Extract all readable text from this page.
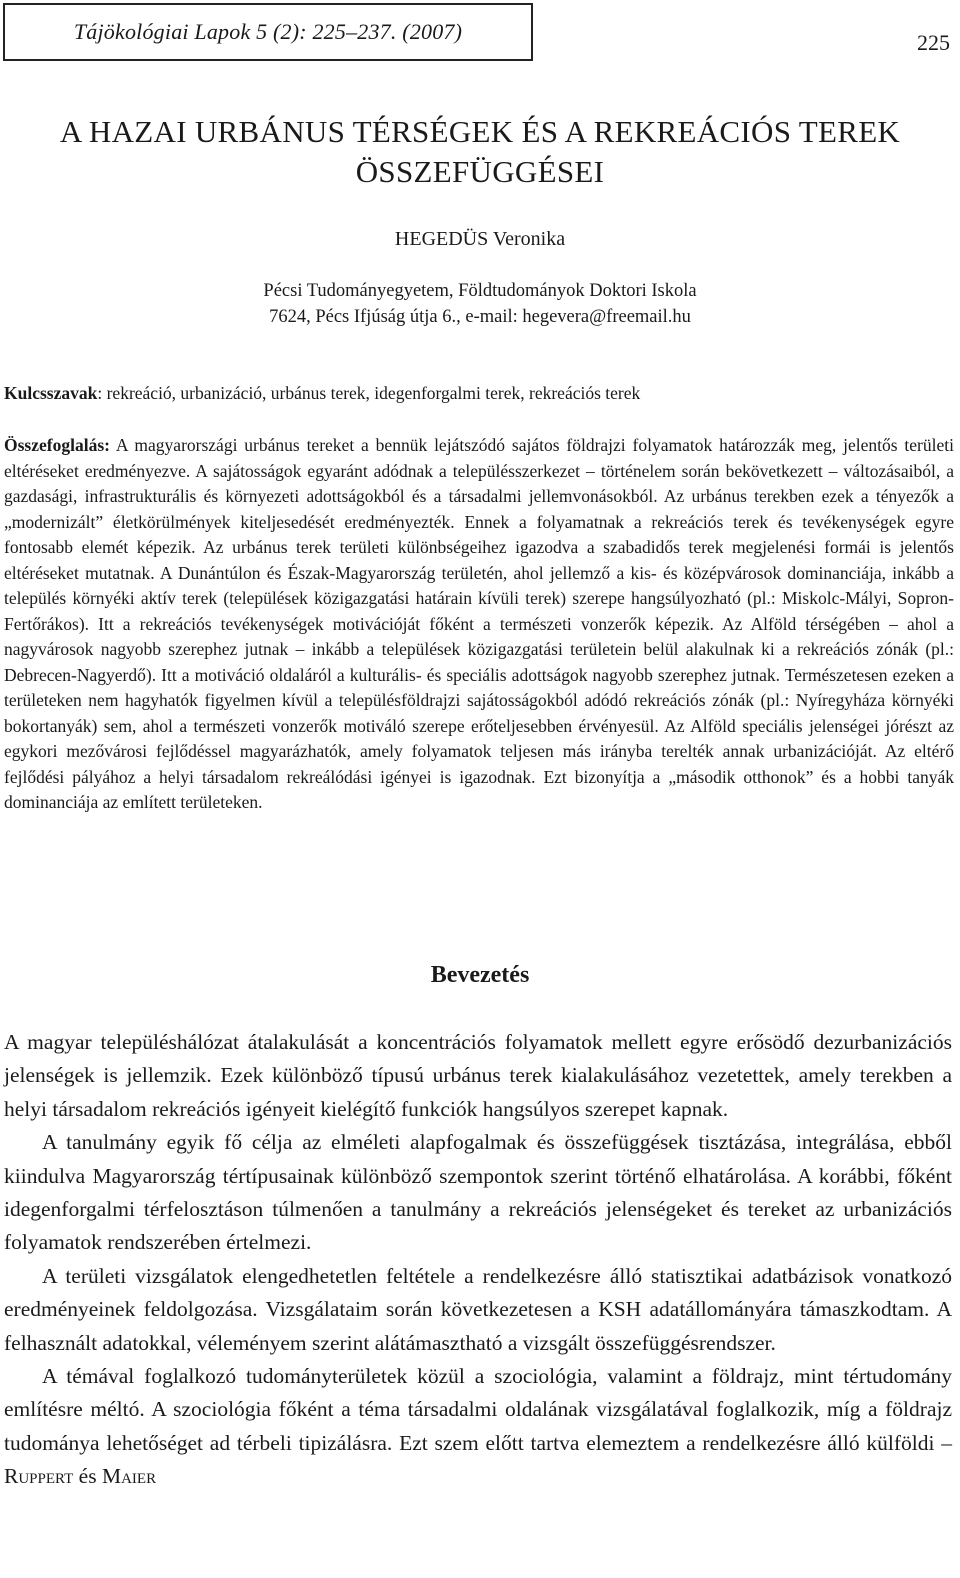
Tájökológiai Lapok 5 (2): 225–237. (2007)	225
A HAZAI URBÁNUS TÉRSÉGEK ÉS A REKREÁCIÓS TEREK
ÖSSZEFÜGGÉSEI
HEGEDÜS Veronika
Pécsi Tudományegyetem, Földtudományok Doktori Iskola
7624, Pécs Ifjúság útja 6., e-mail: hegevera@freemail.hu
Kulcsszavak: rekreáció, urbanizáció, urbánus terek, idegenforgalmi terek, rekreációs terek
Összefoglalás: A magyarországi urbánus tereket a bennük lejátszódó sajátos földrajzi folyamatok határozzák meg, jelentős területi eltéréseket eredményezve. A sajátosságok egyaránt adódnak a településszerkezet – történelem során bekövetkezett – változásaiból, a gazdasági, infrastrukturális és környezeti adottságokból és a társadalmi jellemvonásokból. Az urbánus terekben ezek a tényezők a „modernizált” életkörülmények kiteljesedését eredményezték. Ennek a folyamatnak a rekreációs terek és tevékenységek egyre fontosabb elemét képezik. Az urbánus terek területi különbségeihez igazodva a szabadidős terek megjelenési formái is jelentős eltéréseket mutatnak. A Dunántúlon és Észak-Magyarország területén, ahol jellemző a kis- és középvárosok dominanciája, inkább a település környéki aktív terek (települések közigazgatási határain kívüli terek) szerepe hangsúlyozható (pl.: Miskolc-Mályi, Sopron-Fertőrákos). Itt a rekreációs tevékenységek motivációját főként a természeti vonzerők képezik. Az Alföld térségében – ahol a nagyvárosok nagyobb szerephez jutnak – inkább a települések közigazgatási területein belül alakulnak ki a rekreációs zónák (pl.: Debrecen-Nagyerdő). Itt a motiváció oldaláról a kulturális- és speciális adottságok nagyobb szerephez jutnak. Természetesen ezeken a területeken nem hagyhatók figyelmen kívül a településföldrajzi sajátosságokból adódó rekreációs zónák (pl.: Nyíregyháza környéki bokortanyák) sem, ahol a természeti vonzerők motiváló szerepe erőteljesebben érvényesül. Az Alföld speciális jelenségei jórészt az egykori mezővárosi fejlődéssel magyarázhatók, amely folyamatok teljesen más irányba terelték annak urbanizációját. Az eltérő fejlődési pályához a helyi társadalom rekreálódási igényei is igazodnak. Ezt bizonyítja a „második otthonok” és a hobbi tanyák dominanciája az említett területeken.
Bevezetés

A magyar településhálózat átalakulását a koncentrációs folyamatok mellett egyre erősödő dezurbanizációs jelenségek is jellemzik. Ezek különböző típusú urbánus terek kialakulásához vezetettek, amely terekben a helyi társadalom rekreációs igényeit kielégítő funkciók hangsúlyos szerepet kapnak.

A tanulmány egyik fő célja az elméleti alapfogalmak és összefüggések tisztázása, integrálása, ebből kiindulva Magyarország tértípusainak különböző szempontok szerint történő elhatárolása. A korábbi, főként idegenforgalmi térfelosztáson túlmenően a tanulmány a rekreációs jelenségeket és tereket az urbanizációs folyamatok rendszerében értelmezi.

A területi vizsgálatok elengedhetetlen feltétele a rendelkezésre álló statisztikai adatbázisok vonatkozó eredményeinek feldolgozása. Vizsgálataim során következetesen a KSH adatállományára támaszkodtam. A felhasznált adatokkal, véleményem szerint alátámasztható a vizsgált összefüggésrendszer.

A témával foglalkozó tudományterületek közül a szociológia, valamint a földrajz, mint tértudomány említésre méltó. A szociológia főként a téma társadalmi oldalának vizsgálatával foglalkozik, míg a földrajz tudománya lehetőséget ad térbeli tipizálásra. Ezt szem előtt tartva elemeztem a rendelkezésre álló külföldi – Ruppert és Maier
